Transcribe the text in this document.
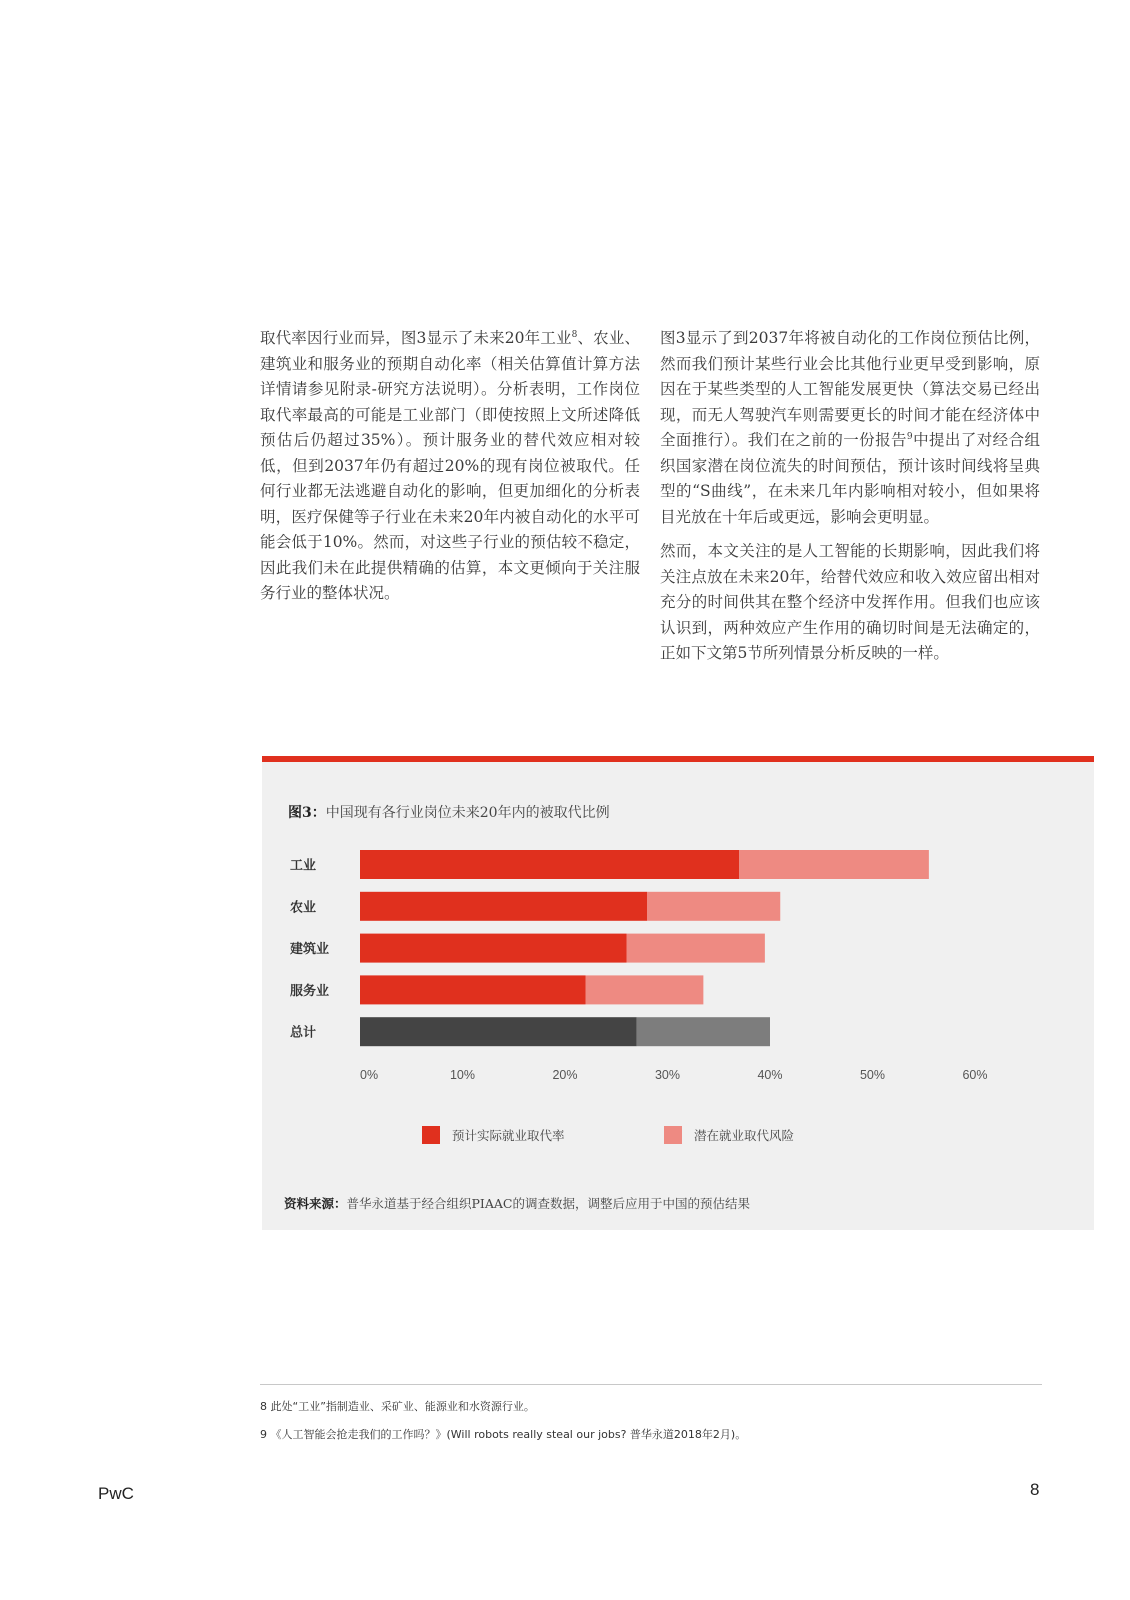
取代率因行业而异，图3显示了未来20年工业$^8$、农业、建筑业和服务业的预期自动化率（相关估算值计算方法详情请参见附录-研究方法说明）。分析表明，工作岗位取代率最高的可能是工业部门（即使按照上文所述降低预估后仍超过35%）。预计服务业的替代效应相对较低，但到2037年仍有超过20%的现有岗位被取代。任何行业都无法逃避自动化的影响，但更加细化的分析表明，医疗保健等子行业在未来20年内被自动化的水平可能会低于10%。然而，对这些子行业的预估较不稳定，因此我们未在此提供精确的估算，本文更倾向于关注服务行业的整体状况。

图3显示了到2037年将被自动化的工作岗位预估比例，然而我们预计某些行业会比其他行业更早受到影响，原因在于某些类型的人工智能发展更快（算法交易已经出现，而无人驾驶汽车则需要更长的时间才能在经济体中全面推行）。我们在之前的一份报告$^9$中提出了对经合组织国家潜在岗位流失的时间预估，预计该时间线将呈典型的“S曲线”，在未来几年内影响相对较小，但如果将目光放在十年后或更远，影响会更明显。

然而，本文关注的是人工智能的长期影响，因此我们将关注点放在未来20年，给替代效应和收入效应留出相对充分的时间供其在整个经济中发挥作用。但我们也应该认识到，两种效应产生作用的确切时间是无法确定的，正如下文第5节所列情景分析反映的一样。

图3：中国现有各行业岗位未来20年内的被取代比例
工业
农业
建筑业
服务业
总计
0%	10%	20%	30%	40%	50%	60%
预计实际就业取代率	潜在就业取代风险
资料来源：普华永道基于经合组织PIAAC的调查数据，调整后应用于中国的预估结果
8 此处“工业”指制造业、采矿业、能源业和水资源行业。
9 《人工智能会抢走我们的工作吗？》(Will robots really steal our jobs? 普华永道2018年2月)。
PwC	8
